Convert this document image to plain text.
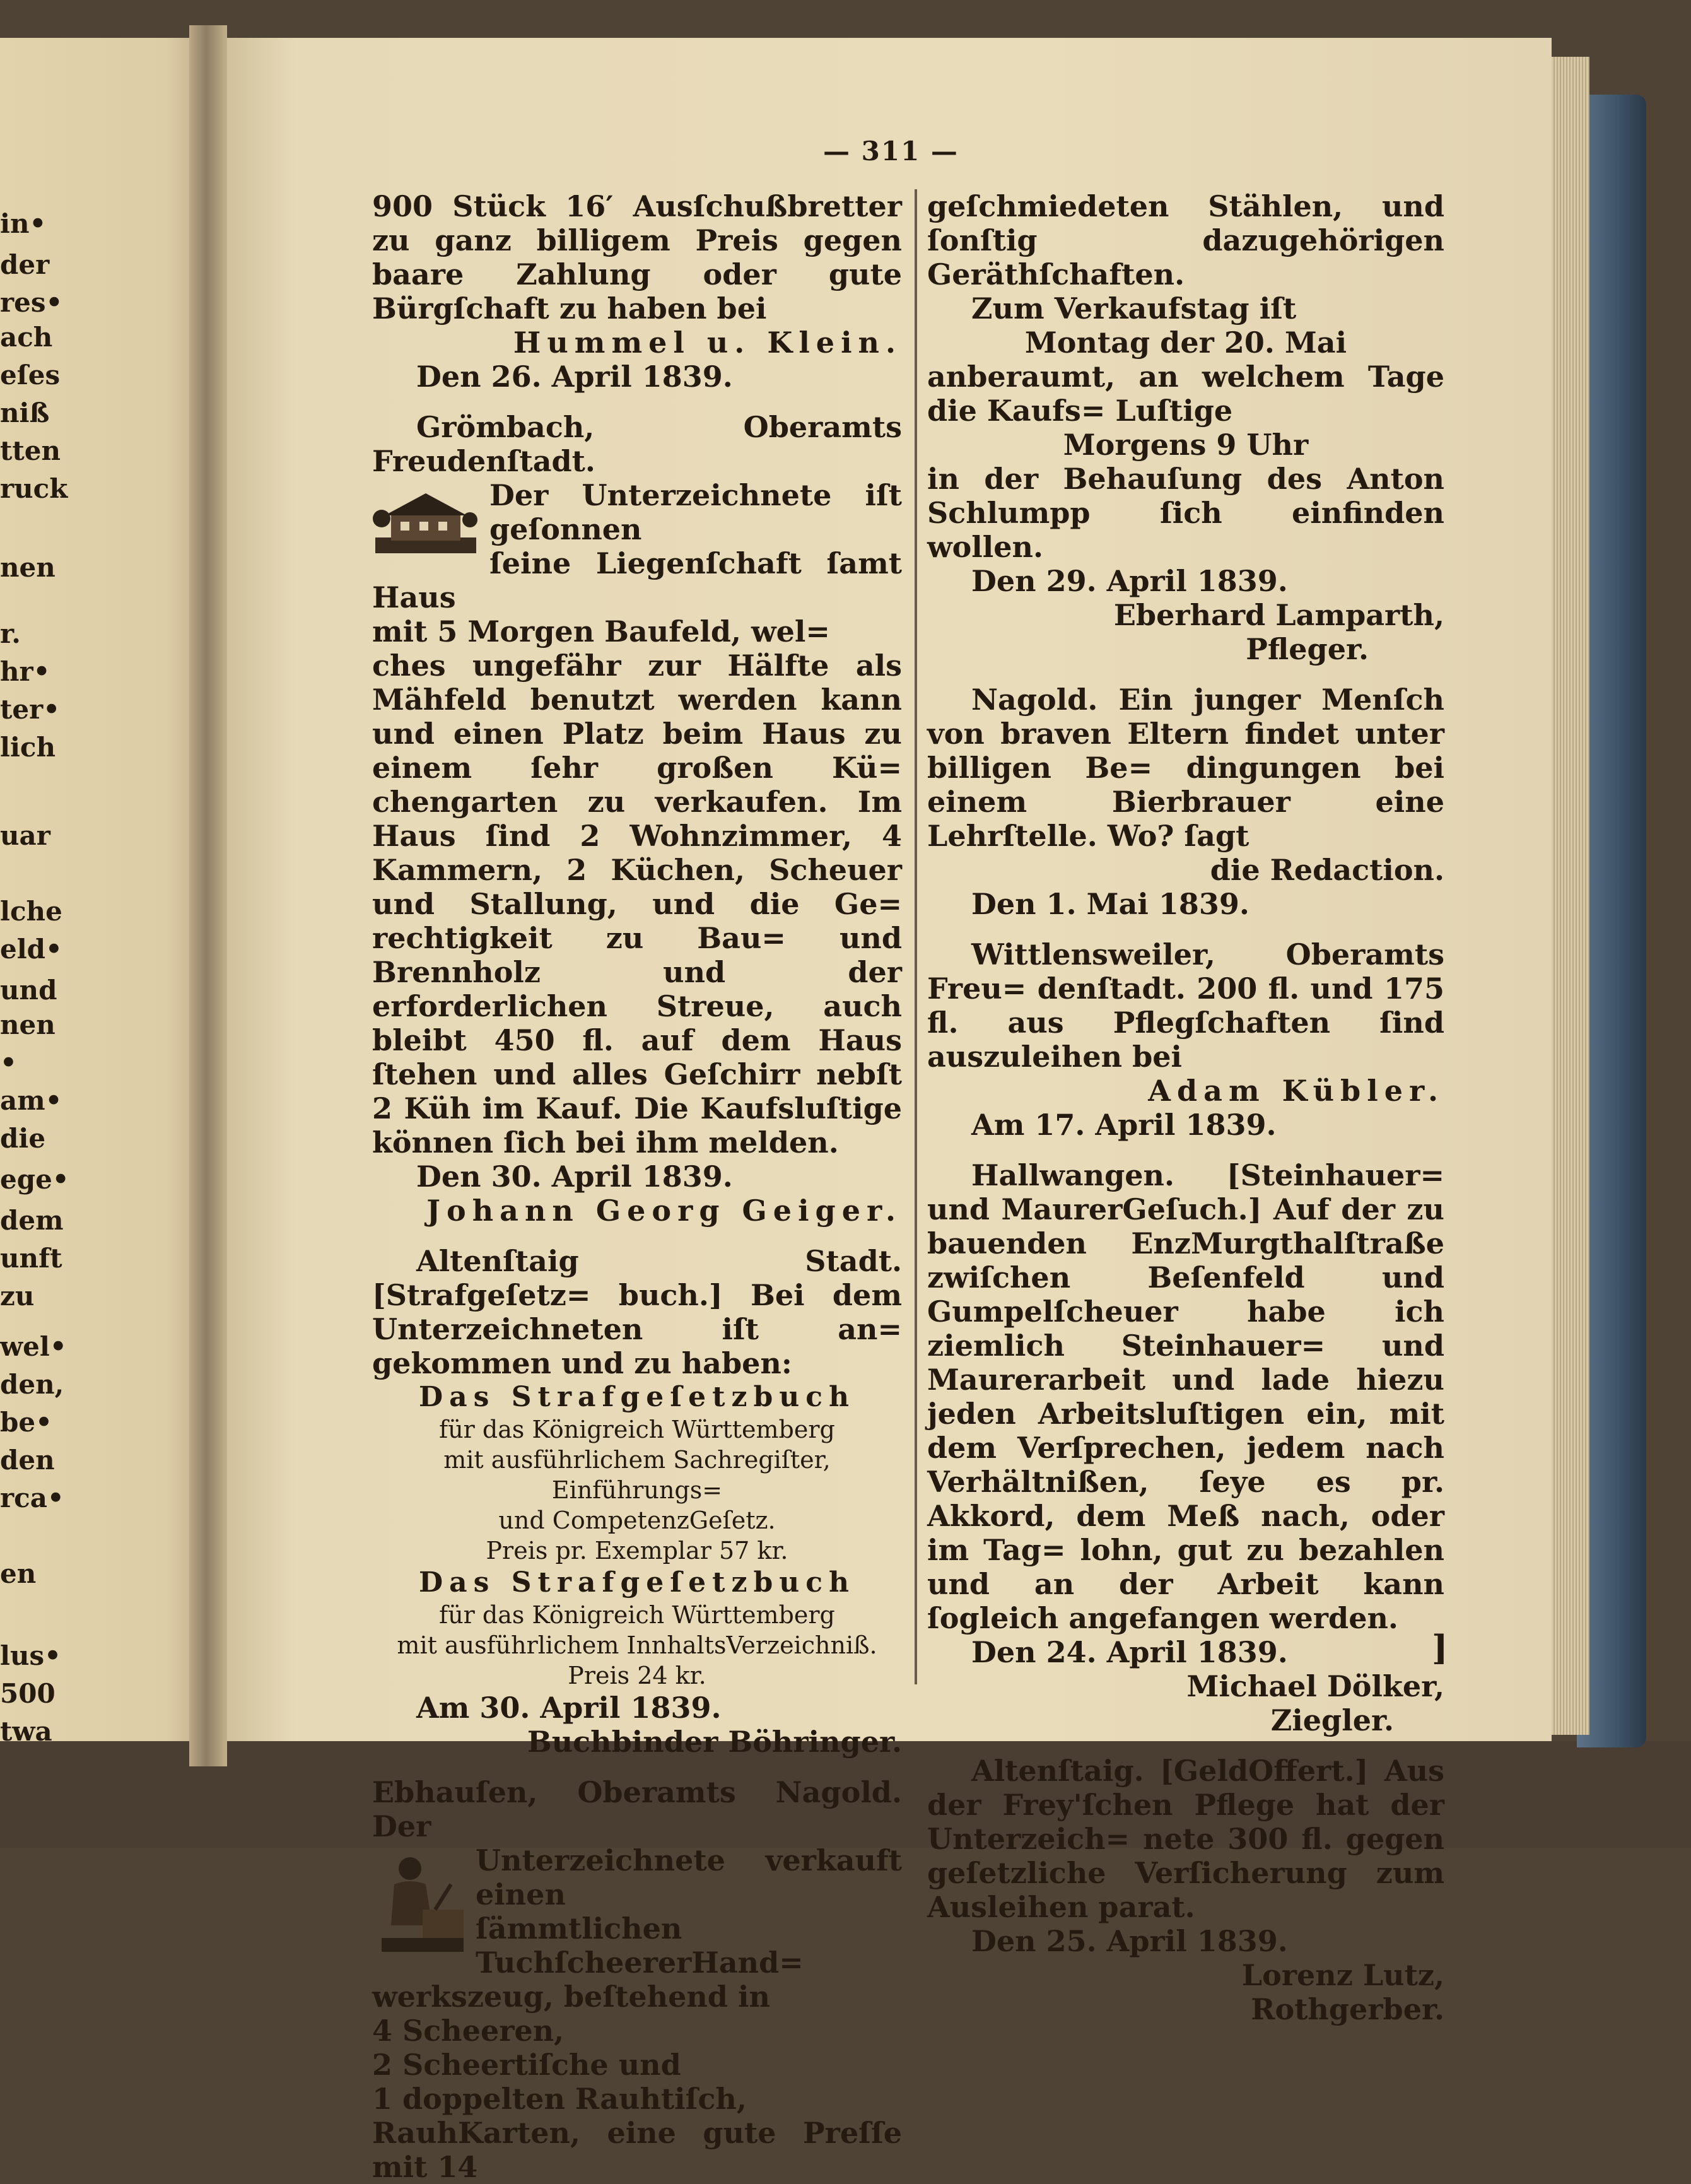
in•
der
res•
ach
eſes
niß
tten
ruck
nen
r.
hr•
ter•
lich
uar
lche
eld•
und
nen
•
am•
die
ege•
dem
unft
zu
wel•
den,
be•
den
rca•
en
lus•
500
twa
— 311 —

900 Stück 16′ Ausſchußbretter zu ganz billigem Preis gegen baare Zahlung oder gute Bürgſchaft zu haben bei

Hummel u. Klein.

Den 26. April 1839.

Grömbach, Oberamts Freudenſtadt.

Der Unterzeichnete iſt geſonnen

ſeine Liegenſchaft ſamt Haus

mit 5 Morgen Baufeld, wel=

ches ungefähr zur Hälfte als Mähfeld benutzt werden kann und einen Platz beim Haus zu einem ſehr großen Kü= chengarten zu verkaufen. Im Haus ſind 2 Wohnzimmer, 4 Kammern, 2 Küchen, Scheuer und Stallung, und die Ge= rechtigkeit zu Bau= und Brennholz und der erforderlichen Streue, auch bleibt 450 fl. auf dem Haus ſtehen und alles Geſchirr nebſt 2 Küh im Kauf. Die Kaufsluſtige können ſich bei ihm melden.

Den 30. April 1839.

Johann Georg Geiger.

Altenſtaig Stadt. [Strafgeſetz= buch.] Bei dem Unterzeichneten iſt an= gekommen und zu haben:

Das Strafgeſetzbuch

für das Königreich Württemberg

mit ausführlichem Sachregiſter, Einführungs=

und CompetenzGeſetz.

Preis pr. Exemplar 57 kr.

Das Strafgeſetzbuch

für das Königreich Württemberg

mit ausführlichem InnhaltsVerzeichniß.

Preis 24 kr.

Am 30. April 1839.

Buchbinder Böhringer.

Ebhauſen, Oberamts Nagold. Der

Unterzeichnete verkauft einen

ſämmtlichen TuchſcheererHand=

werkszeug, beſtehend in

4 Scheeren,

2 Scheertiſche und

1 doppelten Rauhtiſch,

RauhKarten, eine gute Preſſe mit 14

geſchmiedeten Stählen, und ſonſtig dazugehörigen Geräthſchaften.

Zum Verkaufstag iſt

Montag der 20. Mai

anberaumt, an welchem Tage die Kaufs= Luſtige

Morgens 9 Uhr

in der Behauſung des Anton Schlumpp ſich einfinden wollen.

Den 29. April 1839.

Eberhard Lamparth,

Pfleger.

Nagold. Ein junger Menſch von braven Eltern findet unter billigen Be= dingungen bei einem Bierbrauer eine Lehrſtelle. Wo? ſagt

die Redaction.

Den 1. Mai 1839.

Wittlensweiler, Oberamts Freu= denſtadt. 200 fl. und 175 fl. aus Pflegſchaften ſind auszuleihen bei

Adam Kübler.

Am 17. April 1839.

Hallwangen. [Steinhauer= und MaurerGeſuch.] Auf der zu bauenden EnzMurgthalſtraße zwiſchen Beſenfeld und Gumpelſcheuer habe ich ziemlich Steinhauer= und Maurerarbeit und lade hiezu jeden Arbeitsluſtigen ein, mit dem Verſprechen, jedem nach Verhältnißen, ſeye es pr. Akkord, dem Meß nach, oder im Tag= lohn, gut zu bezahlen und an der Arbeit kann ſogleich angefangen werden.

Den 24. April 1839.

Michael Dölker,

Ziegler.

Altenſtaig. [GeldOffert.] Aus der Frey'ſchen Pflege hat der Unterzeich= nete 300 fl. gegen geſetzliche Verſicherung zum Ausleihen parat.

Den 25. April 1839.

Lorenz Lutz,

Rothgerber.

]
